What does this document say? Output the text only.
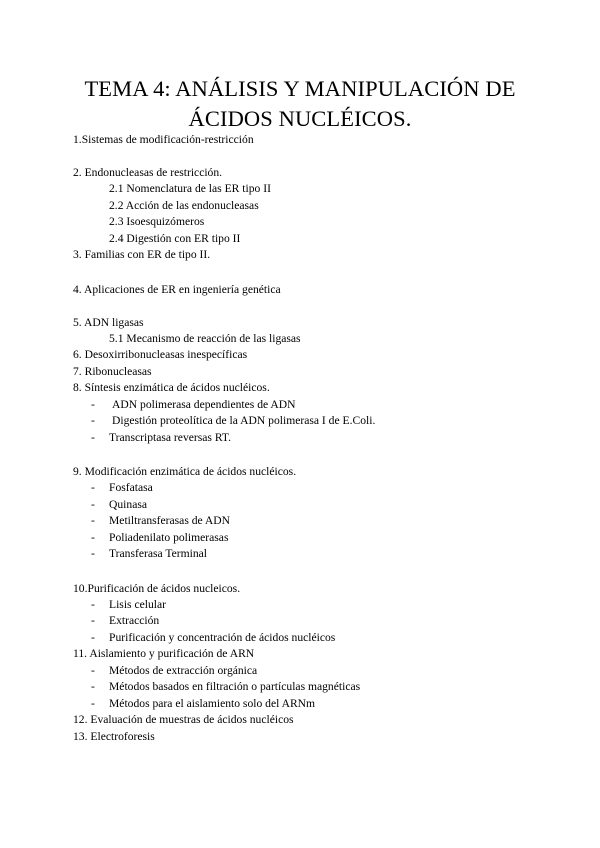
TEMA 4: ANÁLISIS Y MANIPULACIÓN DE
ÁCIDOS NUCLÉICOS.
1.Sistemas de modificación-restricción
2. Endonucleasas de restricción.
2.1 Nomenclatura de las ER tipo II
2.2 Acción de las endonucleasas
2.3 Isoesquizómeros
2.4 Digestión con ER tipo II
3. Familias con ER de tipo II.
4. Aplicaciones de ER en ingeniería genética
5. ADN ligasas
5.1 Mecanismo de reacción de las ligasas
6. Desoxirribonucleasas inespecíficas
7. Ribonucleasas
8. Síntesis enzimática de ácidos nucléicos.
- ADN polimerasa dependientes de ADN
- Digestión proteolítica de la ADN polimerasa I de E.Coli.
- Transcriptasa reversas RT.
9. Modificación enzimática de ácidos nucléicos.
- Fosfatasa
- Quinasa
- Metiltransferasas de ADN
- Poliadenilato polimerasas
- Transferasa Terminal
10.Purificación de ácidos nucleicos.
- Lisis celular
- Extracción
- Purificación y concentración de ácidos nucléicos
11. Aislamiento y purificación de ARN
- Métodos de extracción orgánica
- Métodos basados en filtración o partículas magnéticas
- Métodos para el aislamiento solo del ARNm
12. Evaluación de muestras de ácidos nucléicos
13. Electroforesis
